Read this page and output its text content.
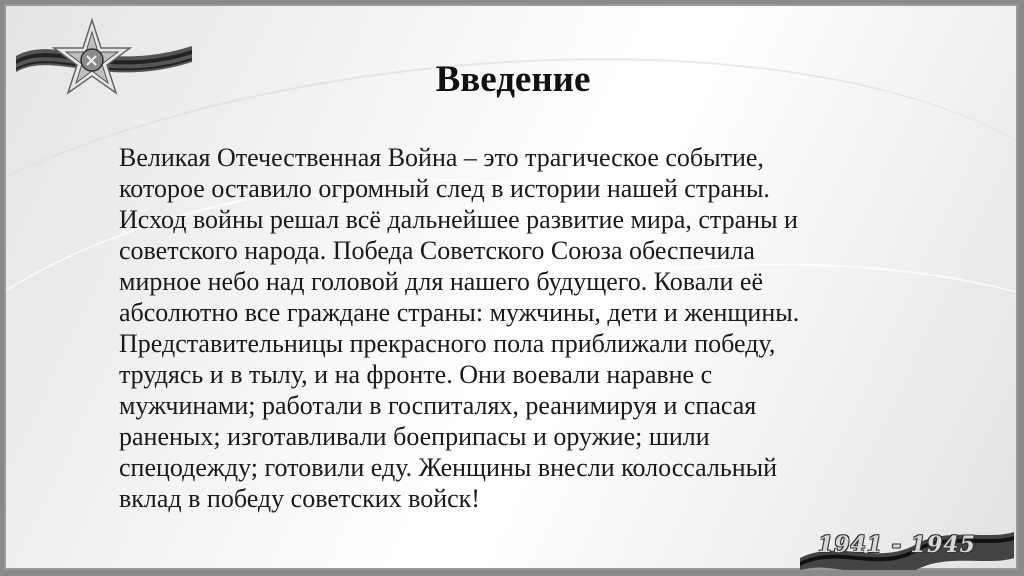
Введение
Великая Отечественная Война – это трагическое событие,
которое оставило огромный след в истории нашей страны.
Исход войны решал всё дальнейшее развитие мира, страны и
советского народа. Победа Советского Союза обеспечила
мирное небо над головой для нашего будущего. Ковали её
абсолютно все граждане страны: мужчины, дети и женщины.
Представительницы прекрасного пола приближали победу,
трудясь и в тылу, и на фронте. Они воевали наравне с
мужчинами; работали в госпиталях, реанимируя и спасая
раненых; изготавливали боеприпасы и оружие; шили
спецодежду; готовили еду. Женщины внесли колоссальный
вклад в победу советских войск!
1941 - 1945
